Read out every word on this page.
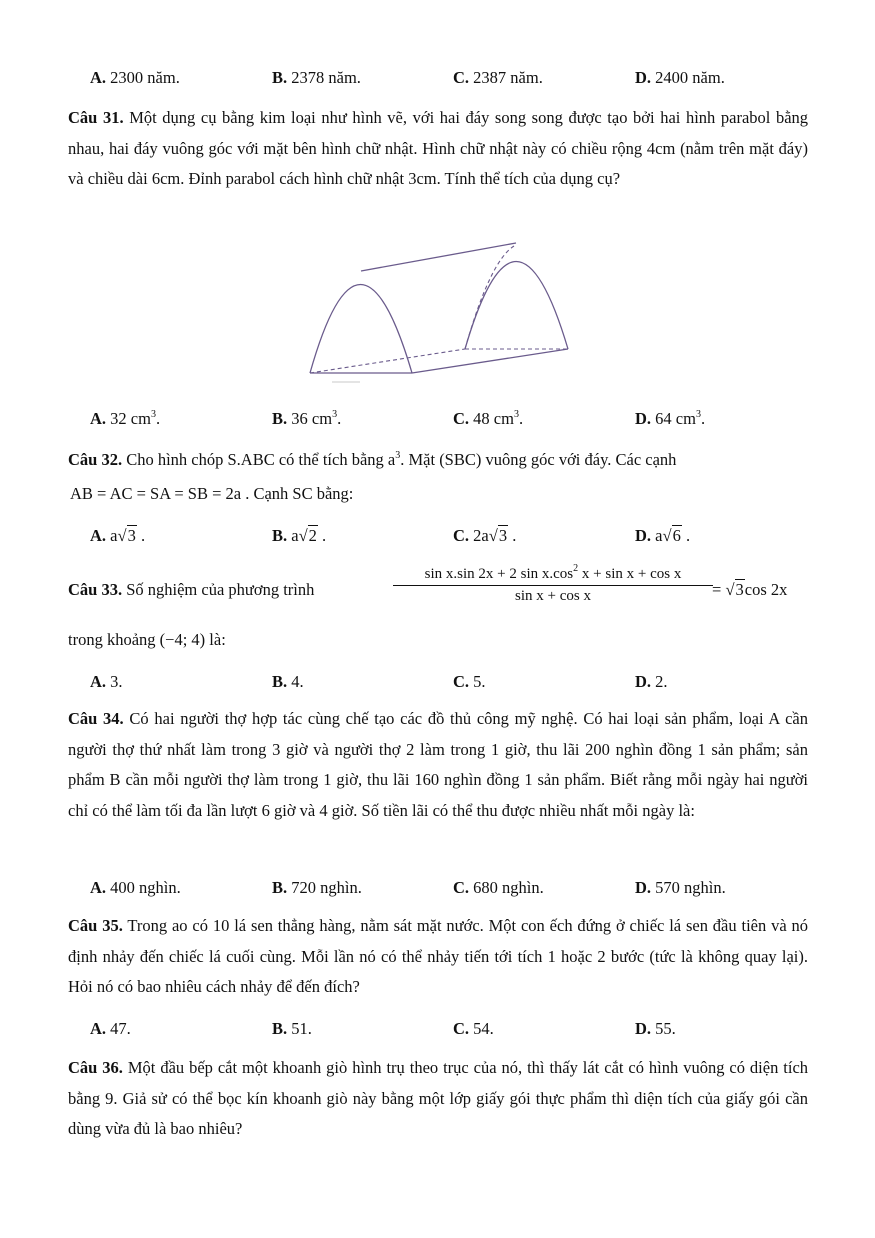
A. 2300 năm.	B. 2378 năm.	C. 2387 năm.	D. 2400 năm.
Câu 31. Một dụng cụ bằng kim loại như hình vẽ, với hai đáy song song được tạo bởi hai hình parabol bằng nhau, hai đáy vuông góc với mặt bên hình chữ nhật. Hình chữ nhật này có chiều rộng 4cm (nằm trên mặt đáy) và chiều dài 6cm. Đỉnh parabol cách hình chữ nhật 3cm. Tính thể tích của dụng cụ?
A. 32 $cm^3$.	B. 36 $cm^3$.	C. 48 $cm^3$.	D. 64 $cm^3$.
Câu 32. Cho hình chóp S.ABC có thể tích bằng $a^3$. Mặt (SBC) vuông góc với đáy. Các cạnh
AB = AC = SA = SB = 2a . Cạnh SC bằng:
A. a√3 .	B. a√2 .	C. 2a√3 .	D. a√6 .
Câu 33. Số nghiệm của phương trình	$\frac{\sin x.\sin 2x + 2 \sin x.\cos^2 x + \sin x + \cos x}{\text{sin x + cos x}} = √3\cos$ 2x
trong khoảng (−4; 4) là:
A. 3.	B. 4.	C. 5.	D. 2.
Câu 34. Có hai người thợ hợp tác cùng chế tạo các đồ thủ công mỹ nghệ. Có hai loại sản phẩm, loại A cần người thợ thứ nhất làm trong 3 giờ và người thợ 2 làm trong 1 giờ, thu lãi 200 nghìn đồng 1 sản phẩm; sản phẩm B cần mỗi người thợ làm trong 1 giờ, thu lãi 160 nghìn đồng 1 sản phẩm. Biết rằng mỗi ngày hai người chỉ có thể làm tối đa lần lượt 6 giờ và 4 giờ. Số tiền lãi có thể thu được nhiều nhất mỗi ngày là:
A. 400 nghìn.	B. 720 nghìn.	C. 680 nghìn.	D. 570 nghìn.
Câu 35. Trong ao có 10 lá sen thẳng hàng, nằm sát mặt nước. Một con ếch đứng ở chiếc lá sen đầu tiên và nó định nhảy đến chiếc lá cuối cùng. Mỗi lần nó có thể nhảy tiến tới tích 1 hoặc 2 bước (tức là không quay lại). Hỏi nó có bao nhiêu cách nhảy để đến đích?
A. 47.	B. 51.	C. 54.	D. 55.
Câu 36. Một đầu bếp cắt một khoanh giò hình trụ theo trục của nó, thì thấy lát cắt có hình vuông có diện tích bằng 9. Giả sử có thể bọc kín khoanh giò này bằng một lớp giấy gói thực phẩm thì diện tích của giấy gói cần dùng vừa đủ là bao nhiêu?
